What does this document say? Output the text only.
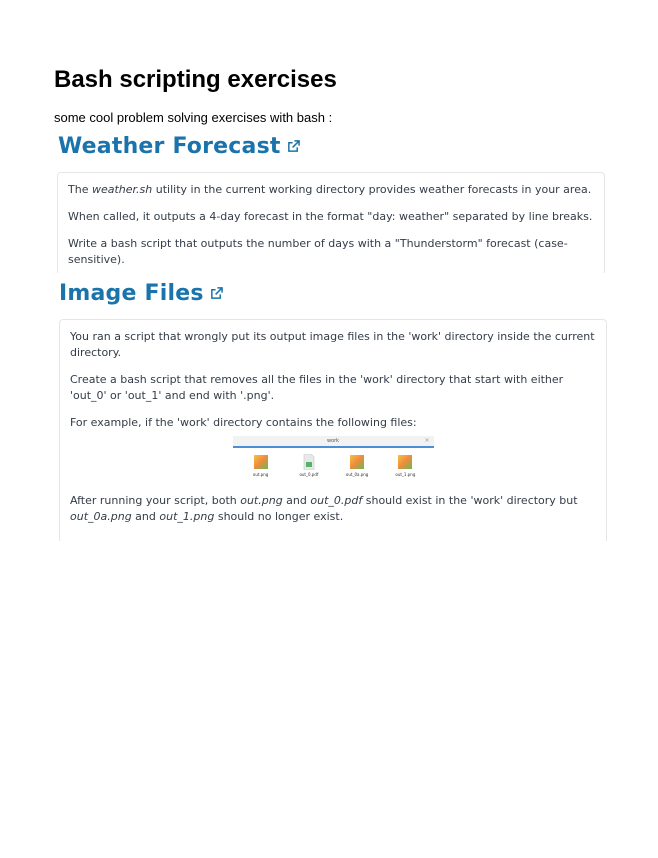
Bash scripting exercises

some cool problem solving exercises with bash :

Weather Forecast

The weather.sh utility in the current working directory provides weather forecasts in your area.

When called, it outputs a 4-day forecast in the format "day: weather" separated by line breaks.

Write a bash script that outputs the number of days with a "Thunderstorm" forecast (case-sensitive).

Image Files

You ran a script that wrongly put its output image files in the 'work' directory inside the current directory.

Create a bash script that removes all the files in the 'work' directory that start with either 'out_0' or 'out_1' and end with '.png'.

For example, if the 'work' directory contains the following files:

work	×
out.png	out_0.pdf	out_0a.png	out_1.png

After running your script, both out.png and out_0.pdf should exist in the 'work' directory but out_0a.png and out_1.png should no longer exist.
